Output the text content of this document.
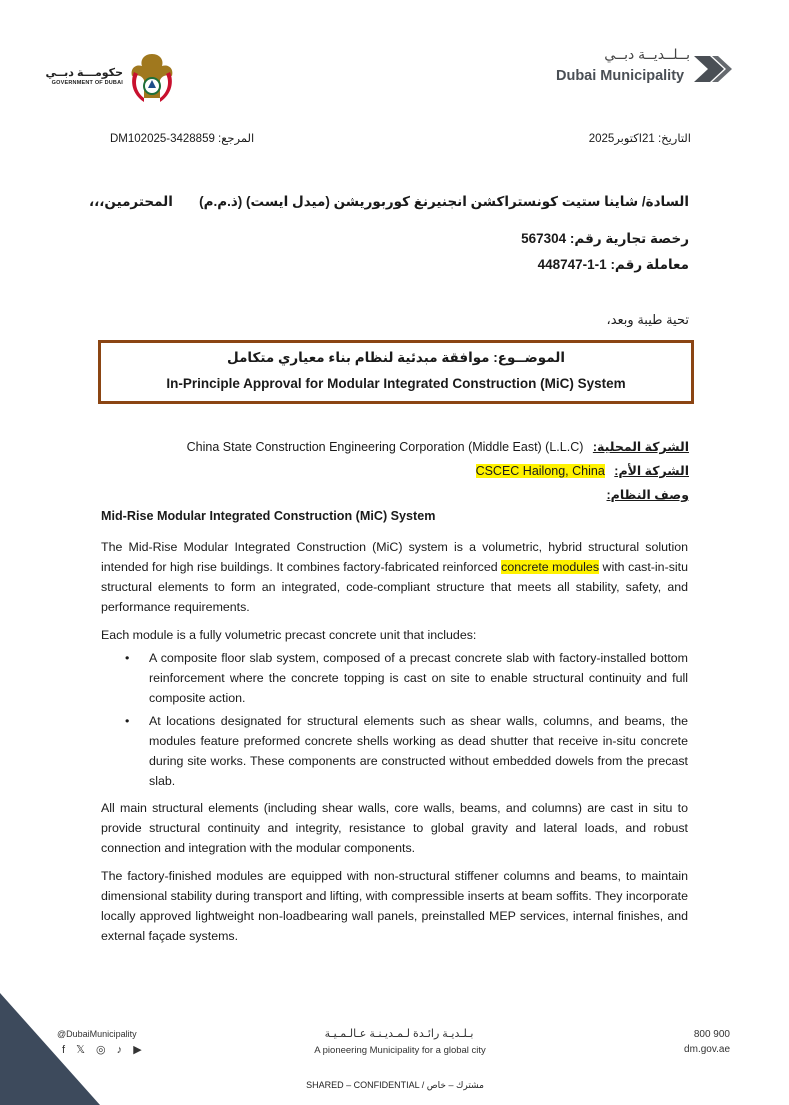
حكومـــة دبــي
GOVERNMENT OF DUBAI
بــلــديــة دبــي
Dubai Municipality
المرجع: DM102025-3428859	التاريخ: 21اكتوبر2025
السادة/ شاينا ستيت كونستراكشن انجنيرنغ كوربوريشن (ميدل ايست) (ذ.م.م)       المحترمين،،،
رخصة تجارية رقم: 567304
معاملة رقم: 1-1-448747
تحية طيبة وبعد،
الموضــوع: موافقة مبدئية لنظام بناء معياري متكامل
In-Principle Approval for Modular Integrated Construction (MiC) System
الشركة المحلية: China State Construction Engineering Corporation (Middle East) (L.L.C)
الشركة الأم: CSCEC Hailong, China
وصف النظام:
Mid-Rise Modular Integrated Construction (MiC) System
The Mid-Rise Modular Integrated Construction (MiC) system is a volumetric, hybrid structural solution intended for high rise buildings. It combines factory-fabricated reinforced concrete modules with cast-in-situ structural elements to form an integrated, code-compliant structure that meets all stability, safety, and performance requirements.
Each module is a fully volumetric precast concrete unit that includes:
• A composite floor slab system, composed of a precast concrete slab with factory-installed bottom reinforcement where the concrete topping is cast on site to enable structural continuity and full composite action.
• At locations designated for structural elements such as shear walls, columns, and beams, the modules feature preformed concrete shells working as dead shutter that receive in-situ concrete during site works. These components are constructed without embedded dowels from the precast slab.
All main structural elements (including shear walls, core walls, beams, and columns) are cast in situ to provide structural continuity and integrity, resistance to global gravity and lateral loads, and robust connection and integration with the modular components.
The factory-finished modules are equipped with non-structural stiffener columns and beams, to maintain dimensional stability during transport and lifting, with compressible inserts at beam soffits. They incorporate locally approved lightweight non-loadbearing wall panels, preinstalled MEP services, internal finishes, and external façade systems.
@DubaiMunicipality
f 𝕏 ◎ ♪ ▶
بـلـديـة رائـدة لـمـديـنـة عـالـمـيـة
A pioneering Municipality for a global city
800 900
dm.gov.ae
SHARED – CONFIDENTIAL / مشترك – خاص
